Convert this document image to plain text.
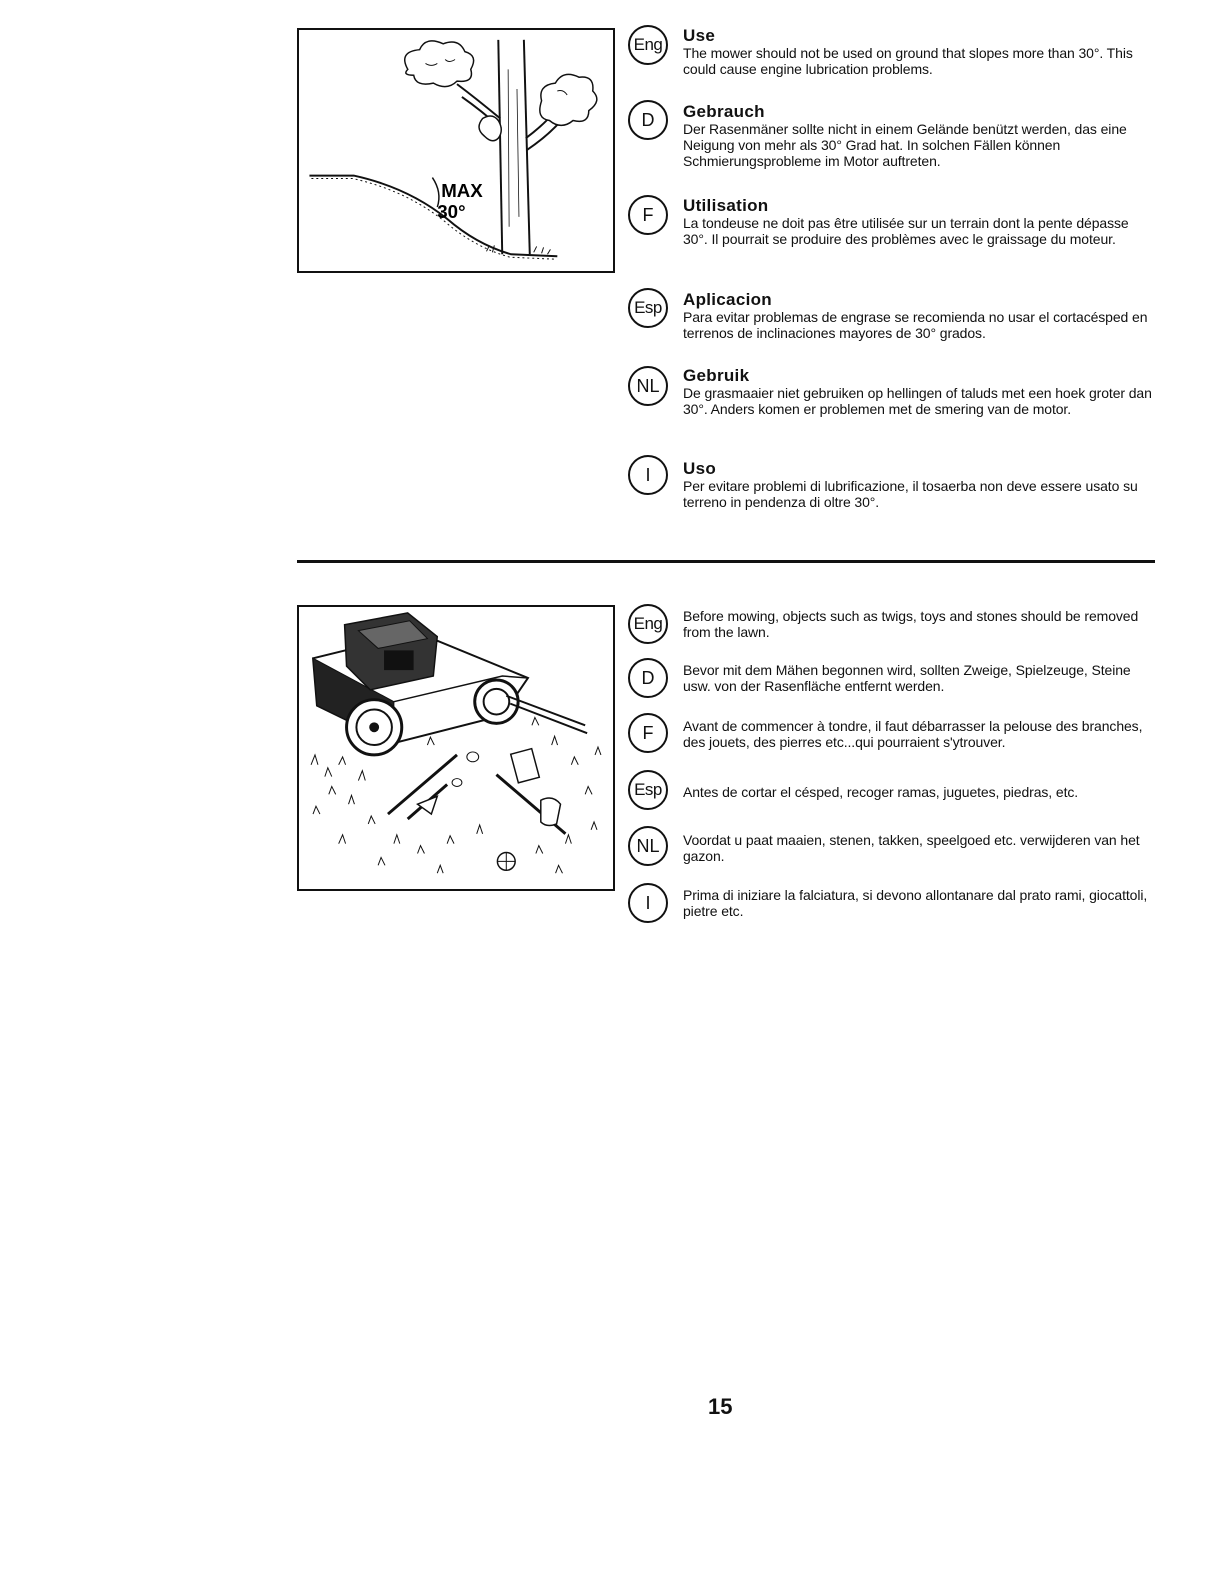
MAX
30°
Eng	Use

The mower should not be used on ground that slopes more than 30°. This could cause engine lubrication problems.

D	Gebrauch

Der Rasenmäner sollte nicht in einem Gelände benützt werden, das eine Neigung von mehr als 30° Grad hat. In solchen Fällen können Schmierungsprobleme im Motor auftreten.

F	Utilisation

La tondeuse ne doit pas être utilisée sur un terrain dont la pente dépasse 30°. Il pourrait se produire des problèmes avec le graissage du moteur.

Esp	Aplicacion

Para evitar problemas de engrase se recomienda no usar el cortacésped en terrenos de inclinaciones mayores de 30° grados.

NL	Gebruik

De grasmaaier niet gebruiken op hellingen of taluds met een hoek groter dan 30°. Anders komen er problemen met de smering van de motor.

I	Uso

Per evitare problemi di lubrificazione, il tosaerba non deve essere usato su terreno in pendenza di oltre 30°.

Eng	Before mowing, objects such as twigs, toys and stones should be removed from the lawn.

D	Bevor mit dem Mähen begonnen wird, sollten Zweige, Spielzeuge, Steine usw. von der Rasenfläche entfernt werden.

F	Avant de commencer à tondre, il faut débarrasser la pelouse des branches, des jouets, des pierres etc...qui pourraient s'ytrouver.

Esp	Antes de cortar el césped, recoger ramas, juguetes, piedras, etc.

NL	Voordat u paat maaien, stenen, takken, speelgoed etc. verwijderen van het gazon.

I	Prima di iniziare la falciatura, si devono allontanare dal prato rami, giocattoli, pietre etc.

15
